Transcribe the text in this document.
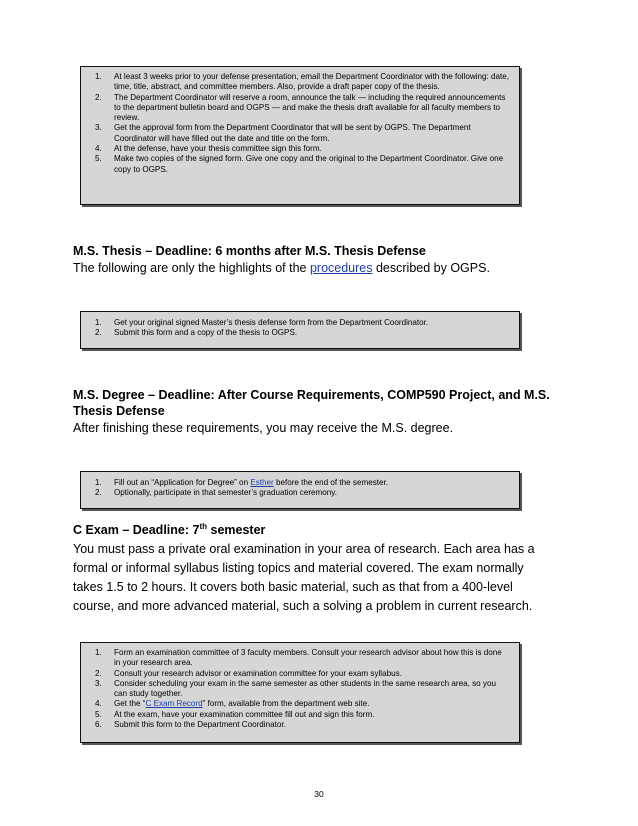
1. At least 3 weeks prior to your defense presentation, email the Department Coordinator with the following: date, time, title, abstract, and committee members. Also, provide a draft paper copy of the thesis.
2. The Department Coordinator will reserve a room, announce the talk — including the required announcements to the department bulletin board and OGPS — and make the thesis draft available for all faculty members to review.
3. Get the approval form from the Department Coordinator that will be sent by OGPS. The Department Coordinator will have filled out the date and title on the form.
4. At the defense, have your thesis committee sign this form.
5. Make two copies of the signed form. Give one copy and the original to the Department Coordinator. Give one copy to OGPS.
M.S. Thesis – Deadline: 6 months after M.S. Thesis Defense
The following are only the highlights of the procedures described by OGPS.
1. Get your original signed Master’s thesis defense form from the Department Coordinator.
2. Submit this form and a copy of the thesis to OGPS.
M.S. Degree – Deadline: After Course Requirements, COMP590 Project, and M.S. Thesis Defense
After finishing these requirements, you may receive the M.S. degree.
1. Fill out an “Application for Degree” on Esther before the end of the semester.
2. Optionally, participate in that semester’s graduation ceremony.
C Exam – Deadline: 7th semester
You must pass a private oral examination in your area of research. Each area has a formal or informal syllabus listing topics and material covered. The exam normally takes 1.5 to 2 hours. It covers both basic material, such as that from a 400-level course, and more advanced material, such a solving a problem in current research.
1. Form an examination committee of 3 faculty members. Consult your research advisor about how this is done in your research area.
2. Consult your research advisor or examination committee for your exam syllabus.
3. Consider scheduling your exam in the same semester as other students in the same research area, so you can study together.
4. Get the “C Exam Record” form, available from the department web site.
5. At the exam, have your examination committee fill out and sign this form.
6. Submit this form to the Department Coordinator.
30
